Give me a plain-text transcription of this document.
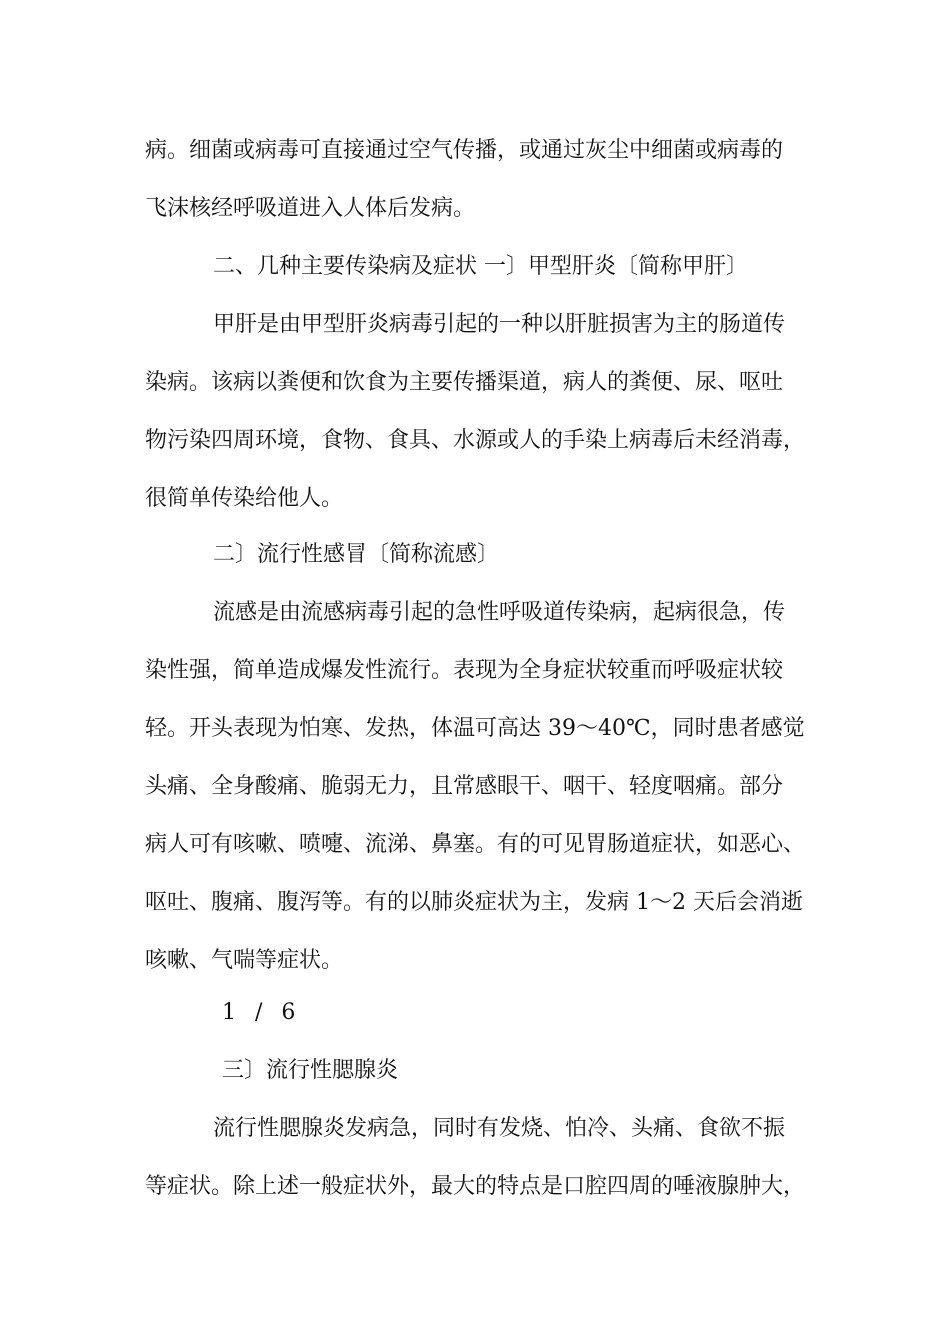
病。细菌或病毒可直接通过空气传播，或通过灰尘中细菌或病毒的
飞沫核经呼吸道进入人体后发病。
二、几种主要传染病及症状 一〕甲型肝炎〔简称甲肝〕
甲肝是由甲型肝炎病毒引起的一种以肝脏损害为主的肠道传
染病。该病以粪便和饮食为主要传播渠道，病人的粪便、尿、呕吐
物污染四周环境，食物、食具、水源或人的手染上病毒后未经消毒，
很简单传染给他人。
二〕流行性感冒〔简称流感〕
流感是由流感病毒引起的急性呼吸道传染病，起病很急，传
染性强，简单造成爆发性流行。表现为全身症状较重而呼吸症状较
轻。开头表现为怕寒、发热，体温可高达 39～40℃，同时患者感觉
头痛、全身酸痛、脆弱无力，且常感眼干、咽干、轻度咽痛。部分
病人可有咳嗽、喷嚏、流涕、鼻塞。有的可见胃肠道症状，如恶心、
呕吐、腹痛、腹泻等。有的以肺炎症状为主，发病 1～2 天后会消逝
咳嗽、气喘等症状。
1 / 6
三〕流行性腮腺炎
流行性腮腺炎发病急，同时有发烧、怕冷、头痛、食欲不振
等症状。除上述一般症状外，最大的特点是口腔四周的唾液腺肿大，
